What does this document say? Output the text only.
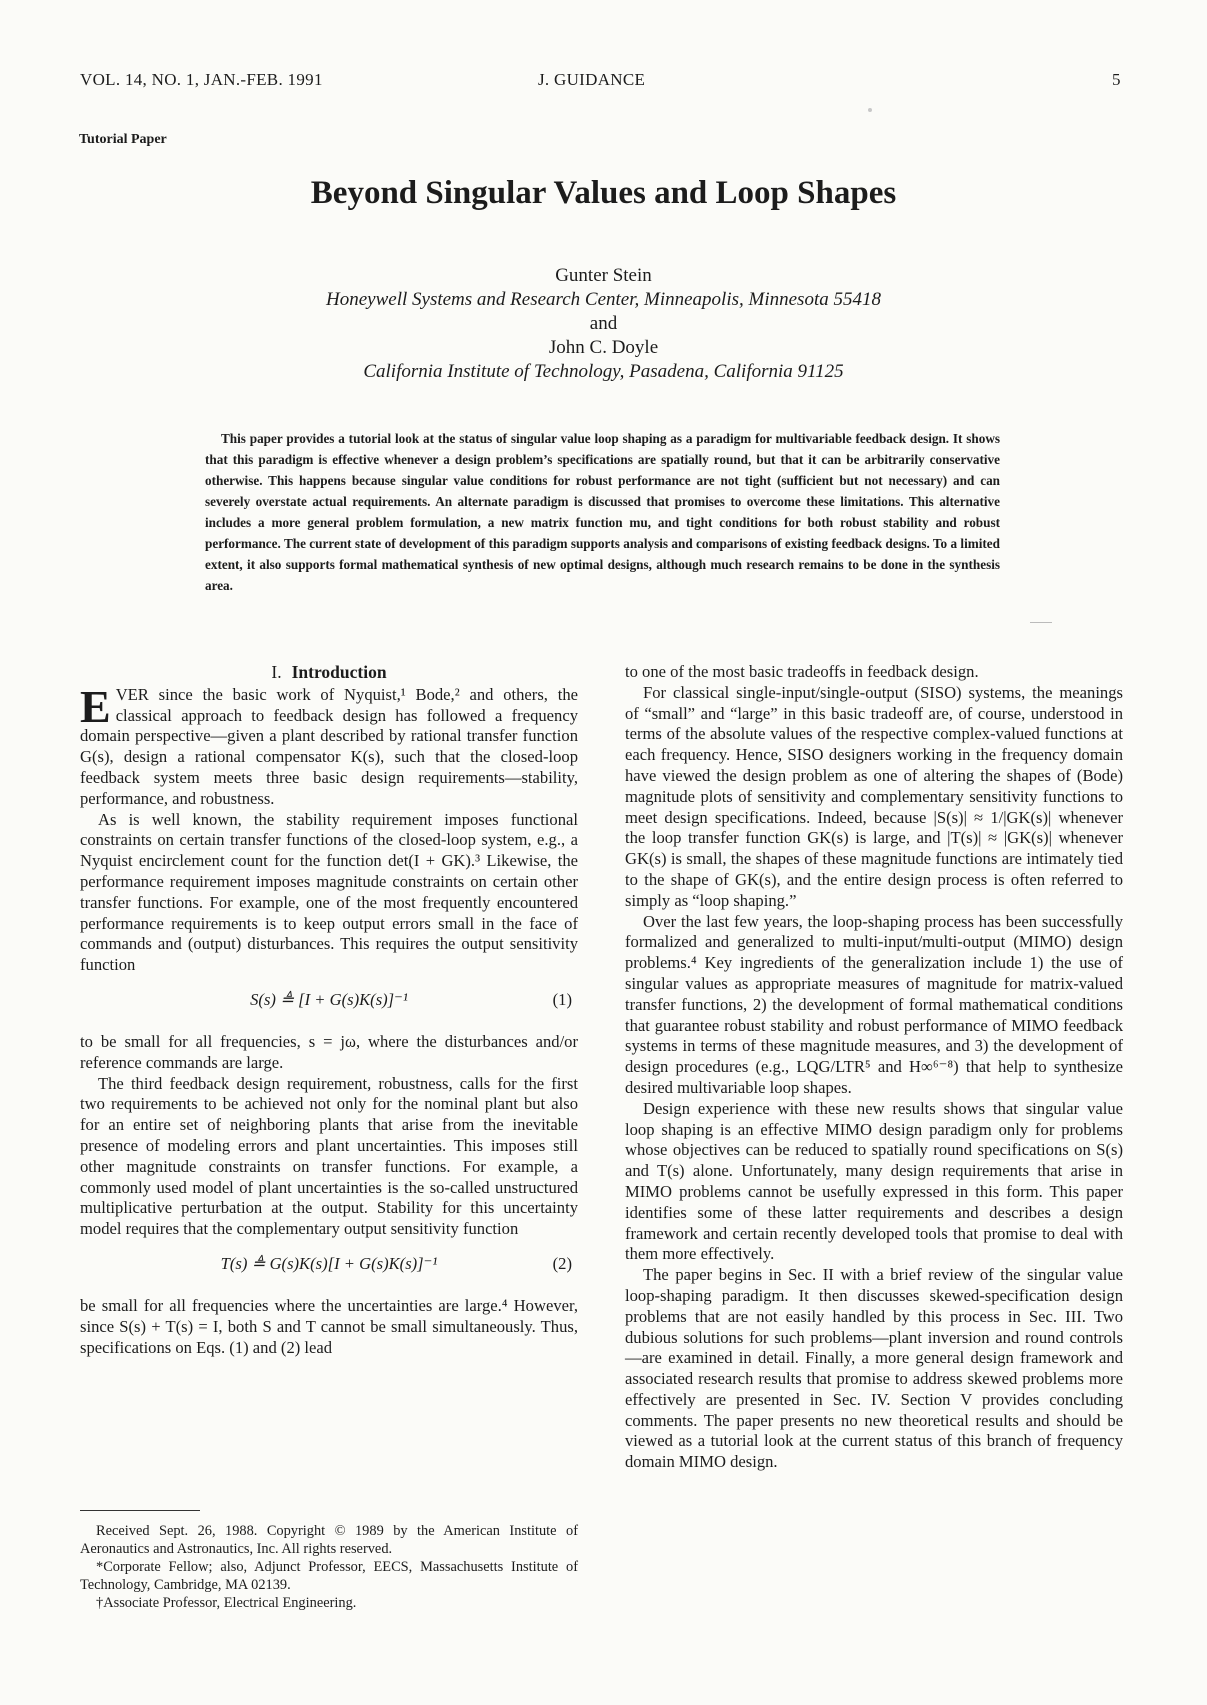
VOL. 14, NO. 1, JAN.-FEB. 1991	J. GUIDANCE	5
Tutorial Paper
Beyond Singular Values and Loop Shapes
Gunter Stein
Honeywell Systems and Research Center, Minneapolis, Minnesota 55418
and
John C. Doyle
California Institute of Technology, Pasadena, California 91125
This paper provides a tutorial look at the status of singular value loop shaping as a paradigm for multivariable feedback design. It shows that this paradigm is effective whenever a design problem’s specifications are spatially round, but that it can be arbitrarily conservative otherwise. This happens because singular value conditions for robust performance are not tight (sufficient but not necessary) and can severely overstate actual requirements. An alternate paradigm is discussed that promises to overcome these limitations. This alternative includes a more general problem formulation, a new matrix function mu, and tight conditions for both robust stability and robust performance. The current state of development of this paradigm supports analysis and comparisons of existing feedback designs. To a limited extent, it also supports formal mathematical synthesis of new optimal designs, although much research remains to be done in the synthesis area.
I. Introduction

EVER since the basic work of Nyquist,¹ Bode,² and others, the classical approach to feedback design has followed a frequency domain perspective—given a plant described by rational transfer function G(s), design a rational compensator K(s), such that the closed-loop feedback system meets three basic design requirements—stability, performance, and robustness.

As is well known, the stability requirement imposes functional constraints on certain transfer functions of the closed-loop system, e.g., a Nyquist encirclement count for the function det(I + GK).³ Likewise, the performance requirement imposes magnitude constraints on certain other transfer functions. For example, one of the most frequently encountered performance requirements is to keep output errors small in the face of commands and (output) disturbances. This requires the output sensitivity function

S(s) ≜ [I + G(s)K(s)]⁻¹	(1)

to be small for all frequencies, s = jω, where the disturbances and/or reference commands are large.

The third feedback design requirement, robustness, calls for the first two requirements to be achieved not only for the nominal plant but also for an entire set of neighboring plants that arise from the inevitable presence of modeling errors and plant uncertainties. This imposes still other magnitude constraints on transfer functions. For example, a commonly used model of plant uncertainties is the so-called unstructured multiplicative perturbation at the output. Stability for this uncertainty model requires that the complementary output sensitivity function

T(s) ≜ G(s)K(s)[I + G(s)K(s)]⁻¹	(2)

be small for all frequencies where the uncertainties are large.⁴ However, since S(s) + T(s) = I, both S and T cannot be small simultaneously. Thus, specifications on Eqs. (1) and (2) lead

Received Sept. 26, 1988. Copyright © 1989 by the American Institute of Aeronautics and Astronautics, Inc. All rights reserved.

*Corporate Fellow; also, Adjunct Professor, EECS, Massachusetts Institute of Technology, Cambridge, MA 02139.

†Associate Professor, Electrical Engineering.

to one of the most basic tradeoffs in feedback design.

For classical single-input/single-output (SISO) systems, the meanings of “small” and “large” in this basic tradeoff are, of course, understood in terms of the absolute values of the respective complex-valued functions at each frequency. Hence, SISO designers working in the frequency domain have viewed the design problem as one of altering the shapes of (Bode) magnitude plots of sensitivity and complementary sensitivity functions to meet design specifications. Indeed, because |S(s)| ≈ 1/|GK(s)| whenever the loop transfer function GK(s) is large, and |T(s)| ≈ |GK(s)| whenever GK(s) is small, the shapes of these magnitude functions are intimately tied to the shape of GK(s), and the entire design process is often referred to simply as “loop shaping.”

Over the last few years, the loop-shaping process has been successfully formalized and generalized to multi-input/multi-output (MIMO) design problems.⁴ Key ingredients of the generalization include 1) the use of singular values as appropriate measures of magnitude for matrix-valued transfer functions, 2) the development of formal mathematical conditions that guarantee robust stability and robust performance of MIMO feedback systems in terms of these magnitude measures, and 3) the development of design procedures (e.g., LQG/LTR⁵ and H∞⁶⁻⁸) that help to synthesize desired multivariable loop shapes.

Design experience with these new results shows that singular value loop shaping is an effective MIMO design paradigm only for problems whose objectives can be reduced to spatially round specifications on S(s) and T(s) alone. Unfortunately, many design requirements that arise in MIMO problems cannot be usefully expressed in this form. This paper identifies some of these latter requirements and describes a design framework and certain recently developed tools that promise to deal with them more effectively.

The paper begins in Sec. II with a brief review of the singular value loop-shaping paradigm. It then discusses skewed-specification design problems that are not easily handled by this process in Sec. III. Two dubious solutions for such problems—plant inversion and round controls—are examined in detail. Finally, a more general design framework and associated research results that promise to address skewed problems more effectively are presented in Sec. IV. Section V provides concluding comments. The paper presents no new theoretical results and should be viewed as a tutorial look at the current status of this branch of frequency domain MIMO design.
